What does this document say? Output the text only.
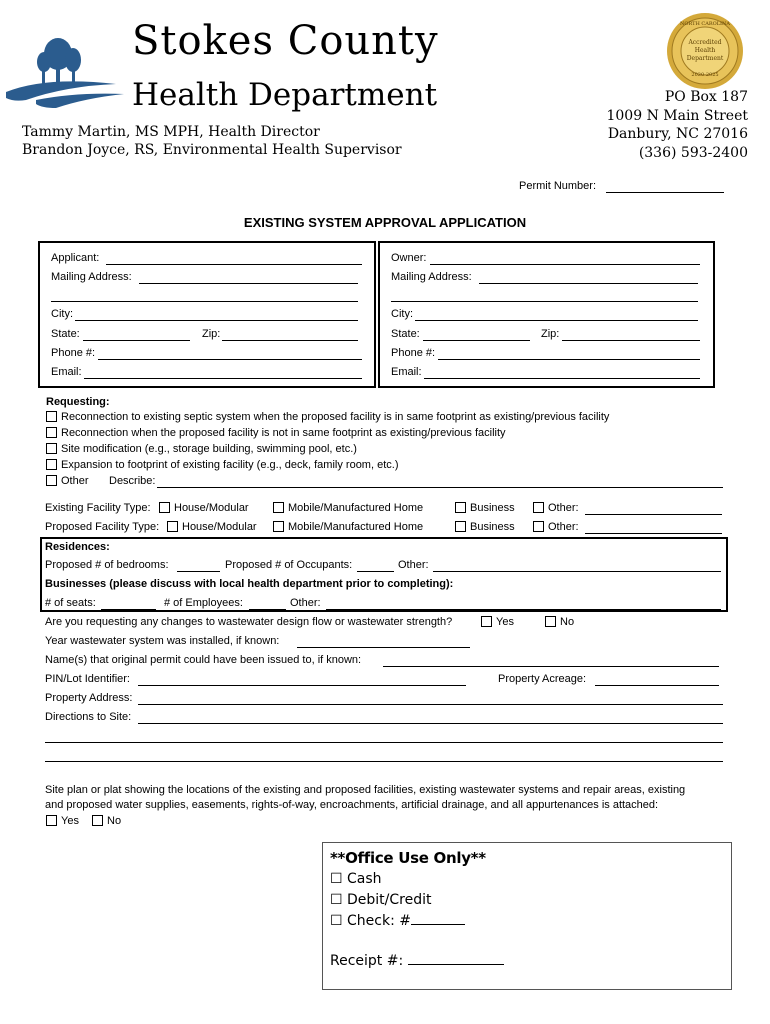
Stokes County
Health Department
NORTH CAROLINA
Accredited
Health
Department
2020-2025
Tammy Martin, MS MPH, Health Director
Brandon Joyce, RS, Environmental Health Supervisor
PO Box 187
1009 N Main Street
Danbury, NC 27016
(336) 593-2400
Permit Number:
EXISTING SYSTEM APPROVAL APPLICATION
Applicant:
Mailing Address:
City:
State:	Zip:
Phone #:
Email:
Owner:
Mailing Address:
City:
State:	Zip:
Phone #:
Email:
Requesting:
Reconnection to existing septic system when the proposed facility is in same footprint as existing/previous facility
Reconnection when the proposed facility is not in same footprint as existing/previous facility
Site modification (e.g., storage building, swimming pool, etc.)
Expansion to footprint of existing facility (e.g., deck, family room, etc.)
Other Describe:
Existing Facility Type:	House/Modular	Mobile/Manufactured Home	Business	Other:
Proposed Facility Type:	House/Modular	Mobile/Manufactured Home	Business	Other:
Residences:
Proposed # of bedrooms:	Proposed # of Occupants:	Other:
Businesses (please discuss with local health department prior to completing):
# of seats:	# of Employees:	Other:
Are you requesting any changes to wastewater design flow or wastewater strength?	Yes	No
Year wastewater system was installed, if known:
Name(s) that original permit could have been issued to, if known:
PIN/Lot Identifier:	Property Acreage:
Property Address:
Directions to Site:
Site plan or plat showing the locations of the existing and proposed facilities, existing wastewater systems and repair areas, existing
and proposed water supplies, easements, rights-of-way, encroachments, artificial drainage, and all appurtenances is attached:
Yes	No
**Office Use Only**
☐ Cash
☐ Debit/Credit
☐ Check: #
Receipt #:
